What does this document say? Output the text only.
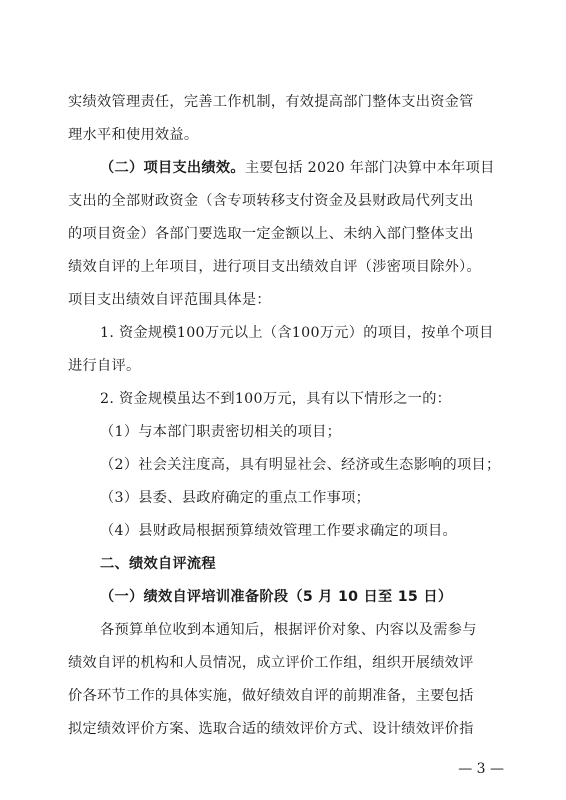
实绩效管理责任，完善工作机制，有效提高部门整体支出资金管
理水平和使用效益。
（二）项目支出绩效。主要包括 2020 年部门决算中本年项目
支出的全部财政资金（含专项转移支付资金及县财政局代列支出
的项目资金）各部门要选取一定金额以上、未纳入部门整体支出
绩效自评的上年项目，进行项目支出绩效自评（涉密项目除外）。
项目支出绩效自评范围具体是：
1. 资金规模100万元以上（含100万元）的项目，按单个项目
进行自评。
2. 资金规模虽达不到100万元，具有以下情形之一的：
（1）与本部门职责密切相关的项目；
（2）社会关注度高，具有明显社会、经济或生态影响的项目；
（3）县委、县政府确定的重点工作事项；
（4）县财政局根据预算绩效管理工作要求确定的项目。
二、绩效自评流程
（一）绩效自评培训准备阶段（5 月 10 日至 15 日）
各预算单位收到本通知后，根据评价对象、内容以及需参与
绩效自评的机构和人员情况，成立评价工作组，组织开展绩效评
价各环节工作的具体实施，做好绩效自评的前期准备，主要包括
拟定绩效评价方案、选取合适的绩效评价方式、设计绩效评价指
— 3 —
